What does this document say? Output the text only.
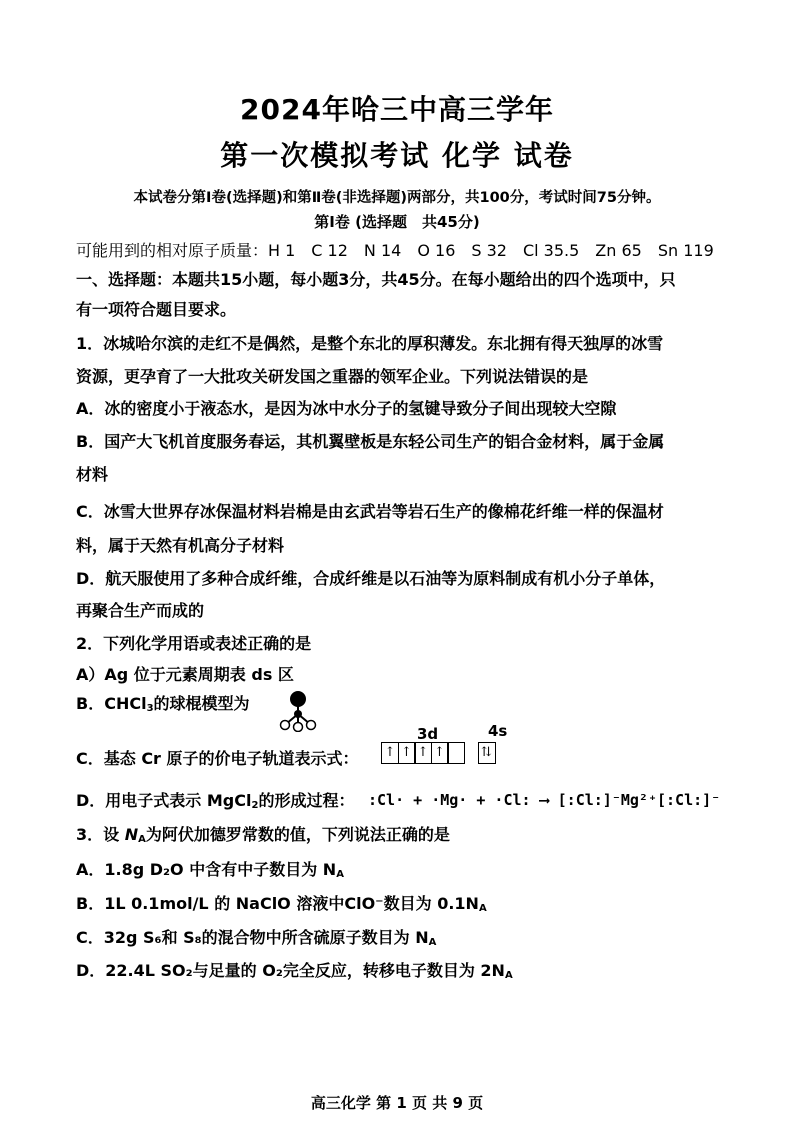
2024年哈三中高三学年
第一次模拟考试 化学 试卷
本试卷分第Ⅰ卷(选择题)和第Ⅱ卷(非选择题)两部分，共100分，考试时间75分钟。
第Ⅰ卷 (选择题　共45分)
可能用到的相对原子质量：H 1　C 12　N 14　O 16　S 32　Cl 35.5　Zn 65　Sn 119
一、选择题：本题共15小题，每小题3分，共45分。在每小题给出的四个选项中，只
有一项符合题目要求。
1．冰城哈尔滨的走红不是偶然，是整个东北的厚积薄发。东北拥有得天独厚的冰雪
资源，更孕育了一大批攻关研发国之重器的领军企业。下列说法错误的是
A．冰的密度小于液态水，是因为冰中水分子的氢键导致分子间出现较大空隙
B．国产大飞机首度服务春运，其机翼壁板是东轻公司生产的铝合金材料，属于金属
材料
C．冰雪大世界存冰保温材料岩棉是由玄武岩等岩石生产的像棉花纤维一样的保温材
料，属于天然有机高分子材料
D．航天服使用了多种合成纤维，合成纤维是以石油等为原料制成有机小分子单体，
再聚合生产而成的
2．下列化学用语或表述正确的是
A）Ag 位于元素周期表 ds 区
B．CHCl$_3$的球棍模型为
3d	4s
C．基态 Cr 原子的价电子轨道表示式：	↑ ↑ ↑ ↑	⇅
D．用电子式表示 MgCl$_2$的形成过程： :Cl· + ·Mg· + ·Cl: ⟶ [:Cl:]⁻Mg²⁺[:Cl:]⁻
3．设 $N_A$为阿伏加德罗常数的值，下列说法正确的是
A．1.8g D₂O 中含有中子数目为 $N_A$
B．1L 0.1mol/L 的 NaClO 溶液中ClO⁻数目为 $0.1N_A$
C．32g S₆和 S₈的混合物中所含硫原子数目为 $N_A$
D．22.4L SO₂与足量的 O₂完全反应，转移电子数目为 $2N_A$
高三化学 第 1 页 共 9 页
